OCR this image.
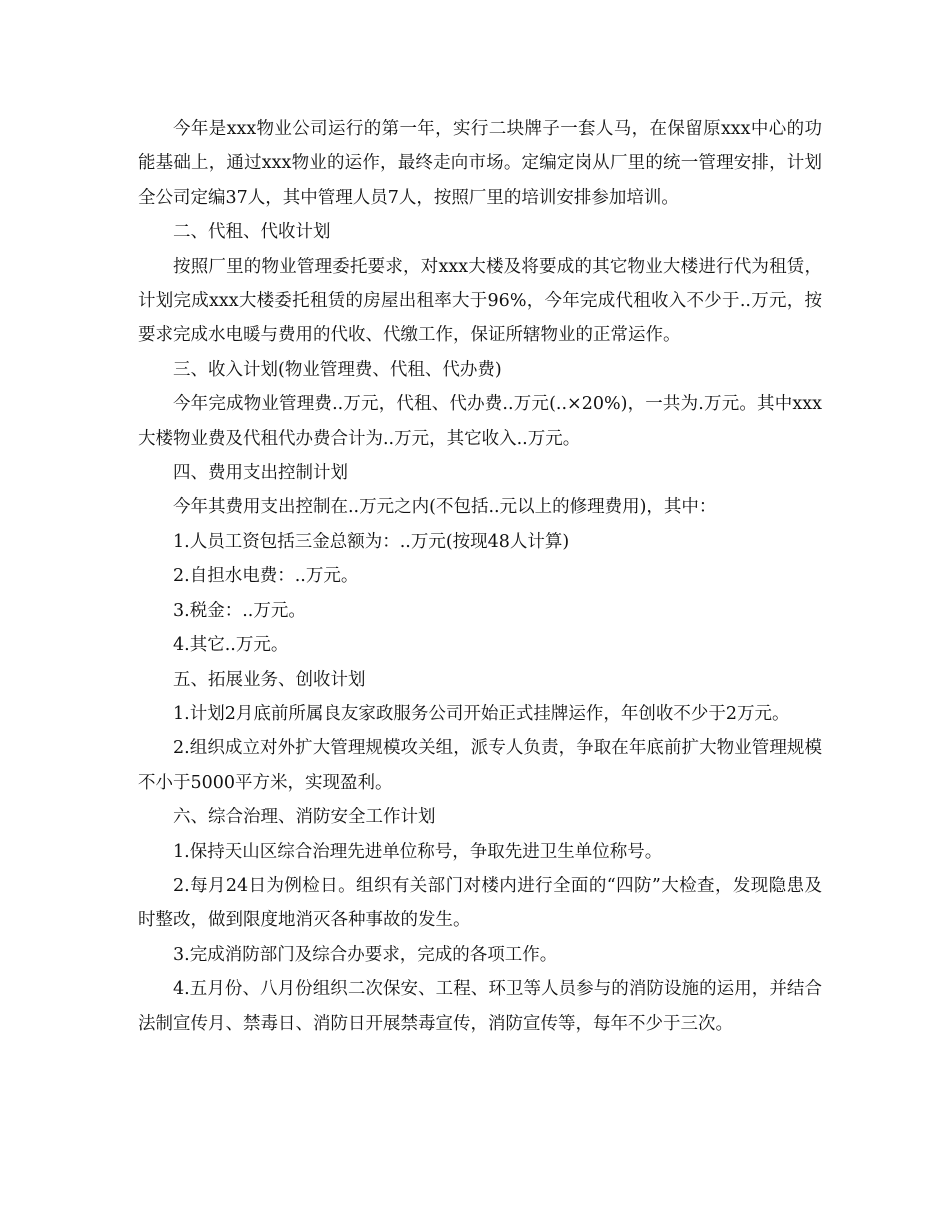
今年是xxx物业公司运行的第一年，实行二块牌子一套人马，在保留原xxx中心的功能基础上，通过xxx物业的运作，最终走向市场。定编定岗从厂里的统一管理安排，计划全公司定编37人，其中管理人员7人，按照厂里的培训安排参加培训。

二、代租、代收计划

按照厂里的物业管理委托要求，对xxx大楼及将要成的其它物业大楼进行代为租赁，计划完成xxx大楼委托租赁的房屋出租率大于96%，今年完成代租收入不少于..万元，按要求完成水电暖与费用的代收、代缴工作，保证所辖物业的正常运作。

三、收入计划(物业管理费、代租、代办费)

今年完成物业管理费..万元，代租、代办费..万元(..×20%)，一共为.万元。其中xxx大楼物业费及代租代办费合计为..万元，其它收入..万元。

四、费用支出控制计划

今年其费用支出控制在..万元之内(不包括..元以上的修理费用)，其中：

1.人员工资包括三金总额为：..万元(按现48人计算)

2.自担水电费：..万元。

3.税金：..万元。

4.其它..万元。

五、拓展业务、创收计划

1.计划2月底前所属良友家政服务公司开始正式挂牌运作，年创收不少于2万元。

2.组织成立对外扩大管理规模攻关组，派专人负责，争取在年底前扩大物业管理规模不小于5000平方米，实现盈利。

六、综合治理、消防安全工作计划

1.保持天山区综合治理先进单位称号，争取先进卫生单位称号。

2.每月24日为例检日。组织有关部门对楼内进行全面的“四防”大检查，发现隐患及时整改，做到限度地消灭各种事故的发生。

3.完成消防部门及综合办要求，完成的各项工作。

4.五月份、八月份组织二次保安、工程、环卫等人员参与的消防设施的运用，并结合法制宣传月、禁毒日、消防日开展禁毒宣传，消防宣传等，每年不少于三次。
